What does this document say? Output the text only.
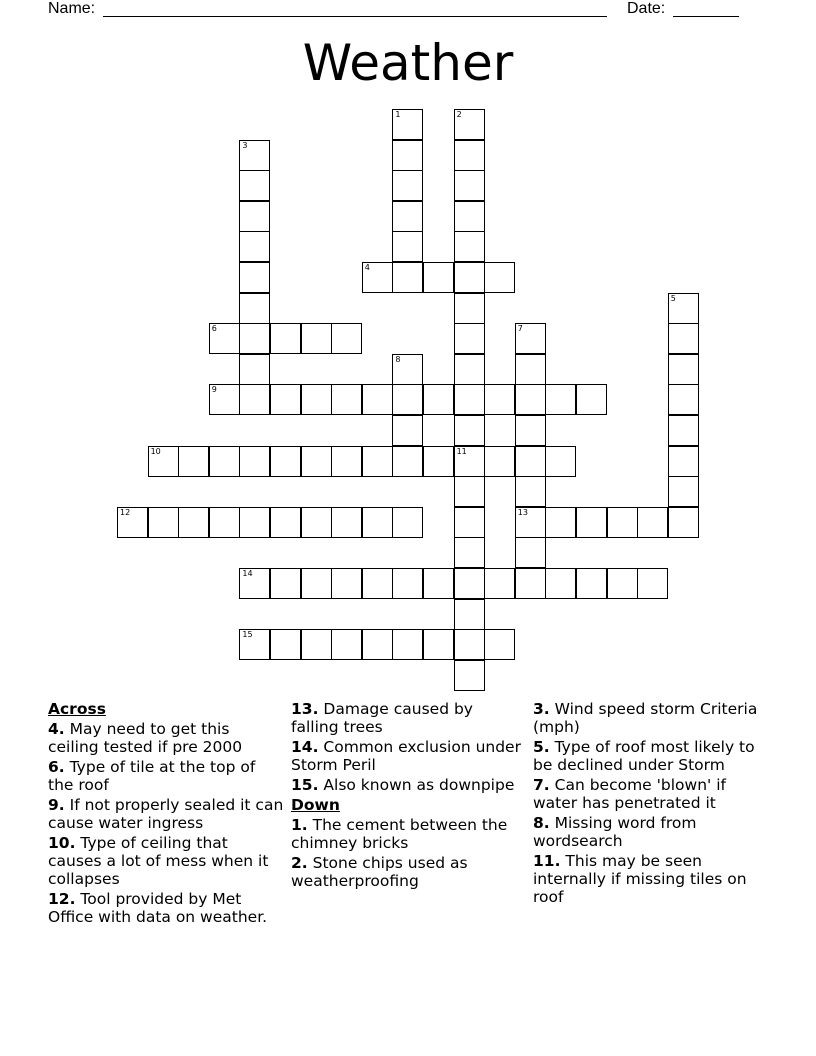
Name:	Date:
Weather
1	2
11
3
4
5
6	7
13
8
9
10
12
14
15
Across
4. May need to get this ceiling tested if pre 2000
6. Type of tile at the top of the roof
9. If not properly sealed it can cause water ingress
10. Type of ceiling that causes a lot of mess when it collapses
12. Tool provided by Met Office with data on weather.
13. Damage caused by falling trees
14. Common exclusion under Storm Peril
15. Also known as downpipe
Down
1. The cement between the chimney bricks
2. Stone chips used as weatherproofing
3. Wind speed storm Criteria (mph)
5. Type of roof most likely to be declined under Storm
7. Can become 'blown' if water has penetrated it
8. Missing word from wordsearch
11. This may be seen internally if missing tiles on roof
